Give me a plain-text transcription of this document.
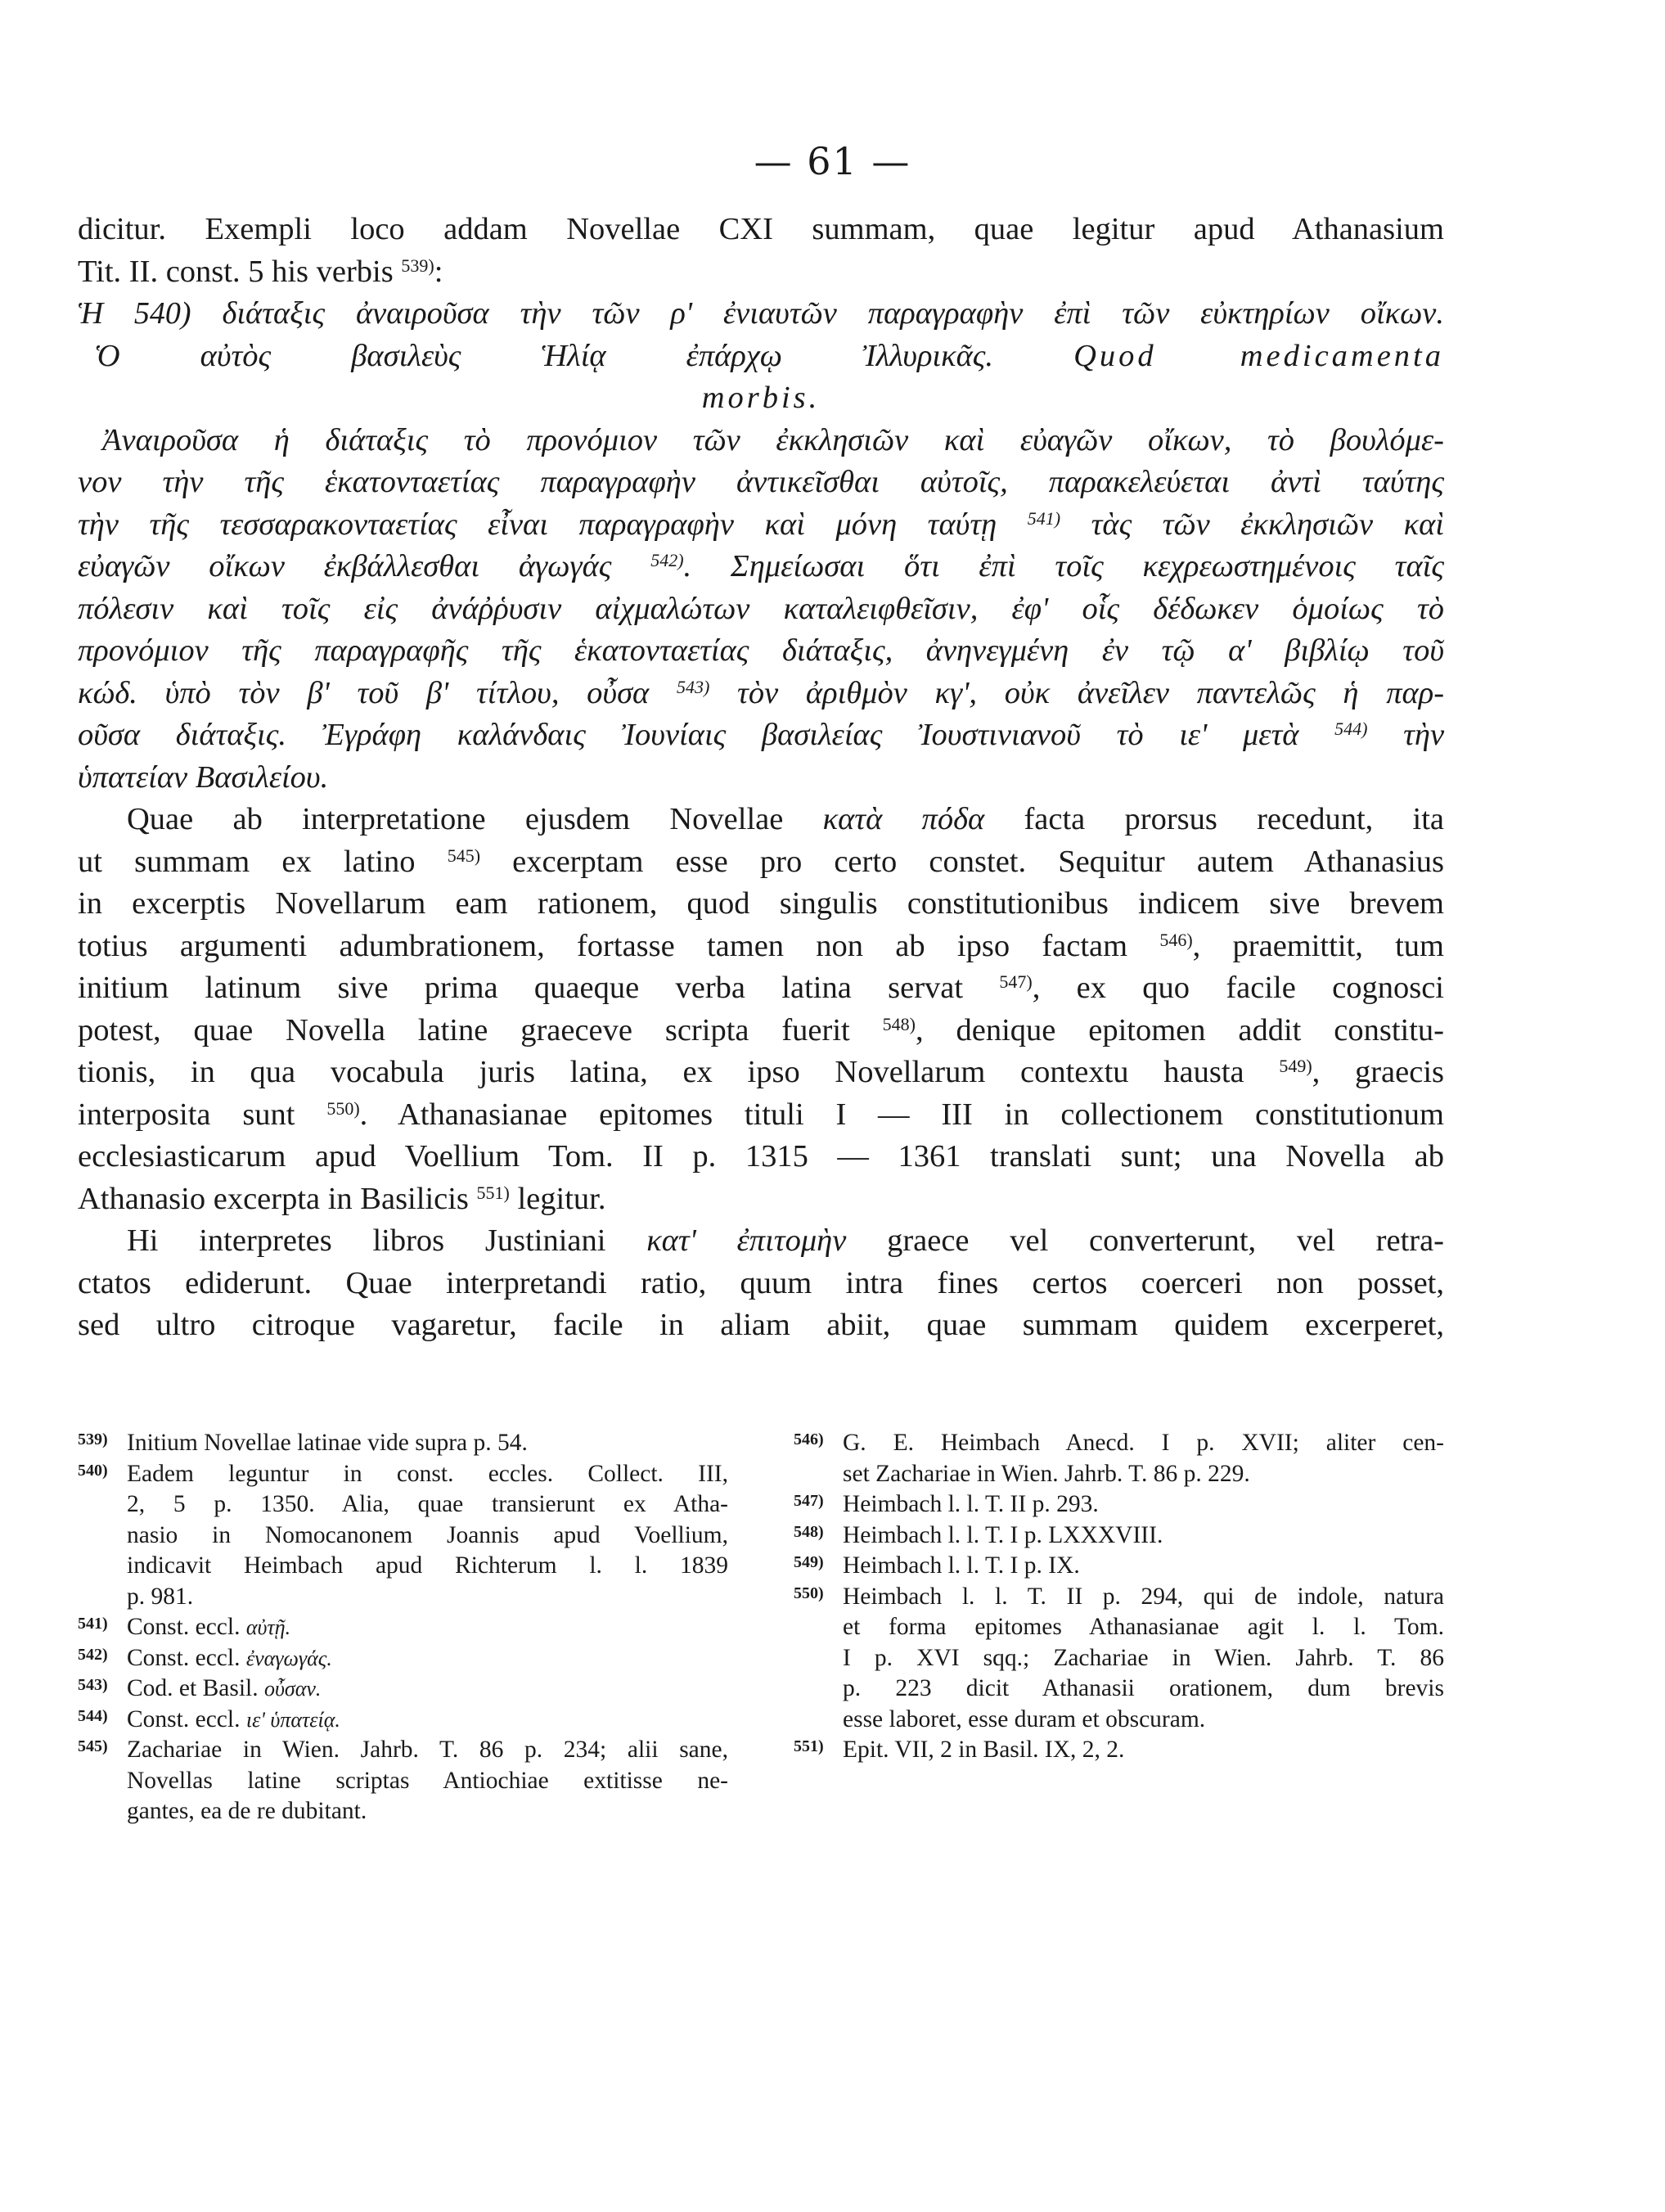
— 61 —
dicitur. Exempli loco addam Novellae CXI summam, quae legitur apud Athanasium
Tit. II. const. 5 his verbis $^{539)}$:
Ἡ 540) διάταξις ἀναιροῦσα τὴν τῶν ρ' ἐνιαυτῶν παραγραφὴν ἐπὶ τῶν εὐκτηρίων οἴκων.
Ὁ αὐτὸς βασιλεὺς Ἡλίᾳ ἐπάρχῳ Ἰλλυρικᾶς.	Quod medicamenta
morbis.
Ἀναιροῦσα ἡ διάταξις τὸ προνόμιον τῶν ἐκκλησιῶν καὶ εὐαγῶν οἴκων, τὸ βουλόμε-
νον τὴν τῆς ἑκατονταετίας παραγραφὴν ἀντικεῖσθαι αὐτοῖς, παρακελεύεται ἀντὶ ταύτης
τὴν τῆς τεσσαρακονταετίας εἶναι παραγραφὴν καὶ μόνη ταύτῃ $^{541)}$ τὰς τῶν ἐκκλησιῶν καὶ
εὐαγῶν οἴκων ἐκβάλλεσθαι ἀγωγάς $^{542)}$. Σημείωσαι ὅτι ἐπὶ τοῖς κεχρεωστημένοις ταῖς
πόλεσιν καὶ τοῖς εἰς ἀνάῤῥυσιν αἰχμαλώτων καταλειφθεῖσιν, ἐφ' οἷς δέδωκεν ὁμοίως τὸ
προνόμιον τῆς παραγραφῆς τῆς ἑκατονταετίας διάταξις, ἀνηνεγμένη ἐν τῷ α' βιβλίῳ τοῦ
κώδ. ὑπὸ τὸν β' τοῦ β' τίτλου, οὖσα $^{543)}$ τὸν ἀριθμὸν κγ', οὐκ ἀνεῖλεν παντελῶς ἡ παρ-
οῦσα διάταξις. Ἐγράφη καλάνδαις Ἰουνίαις βασιλείας Ἰουστινιανοῦ τὸ ιε' μετὰ $^{544)}$ τὴν
ὑπατείαν Βασιλείου.
Quae ab interpretatione ejusdem Novellae κατὰ πόδα facta prorsus recedunt, ita
ut summam ex latino $^{545)}$ excerptam esse pro certo constet. Sequitur autem Athanasius
in excerptis Novellarum eam rationem, quod singulis constitutionibus indicem sive brevem
totius argumenti adumbrationem, fortasse tamen non ab ipso factam $^{546)}$, praemittit, tum
initium latinum sive prima quaeque verba latina servat $^{547)}$, ex quo facile cognosci
potest, quae Novella latine graeceve scripta fuerit $^{548)}$, denique epitomen addit constitu-
tionis, in qua vocabula juris latina, ex ipso Novellarum contextu hausta $^{549)}$, graecis
interposita sunt $^{550)}$. Athanasianae epitomes tituli I — III in collectionem constitutionum
ecclesiasticarum apud Voellium Tom. II p. 1315 — 1361 translati sunt; una Novella ab
Athanasio excerpta in Basilicis $^{551)}$ legitur.
Hi interpretes libros Justiniani κατ' ἐπιτομὴν graece vel converterunt, vel retra-
ctatos ediderunt. Quae interpretandi ratio, quum intra fines certos coerceri non posset,
sed ultro citroque vagaretur, facile in aliam abiit, quae summam quidem excerperet,
539) Initium Novellae latinae vide supra p. 54.
540) Eadem leguntur in const. eccles. Collect. III,
2, 5 p. 1350. Alia, quae transierunt ex Atha-
nasio in Nomocanonem Joannis apud Voellium,
indicavit Heimbach apud Richterum l. l. 1839
p. 981.
541) Const. eccl. αὐτῇ.
542) Const. eccl. ἐναγωγάς.
543) Cod. et Basil. οὖσαν.
544) Const. eccl. ιε' ὑπατείᾳ.
545) Zachariae in Wien. Jahrb. T. 86 p. 234; alii sane,
Novellas latine scriptas Antiochiae extitisse ne-
gantes, ea de re dubitant.
546) G. E. Heimbach Anecd. I p. XVII; aliter cen-
set Zachariae in Wien. Jahrb. T. 86 p. 229.
547) Heimbach l. l. T. II p. 293.
548) Heimbach l. l. T. I p. LXXXVIII.
549) Heimbach l. l. T. I p. IX.
550) Heimbach l. l. T. II p. 294, qui de indole, natura
et forma epitomes Athanasianae agit l. l. Tom.
I p. XVI sqq.; Zachariae in Wien. Jahrb. T. 86
p. 223 dicit Athanasii orationem, dum brevis
esse laboret, esse duram et obscuram.
551) Epit. VII, 2 in Basil. IX, 2, 2.
